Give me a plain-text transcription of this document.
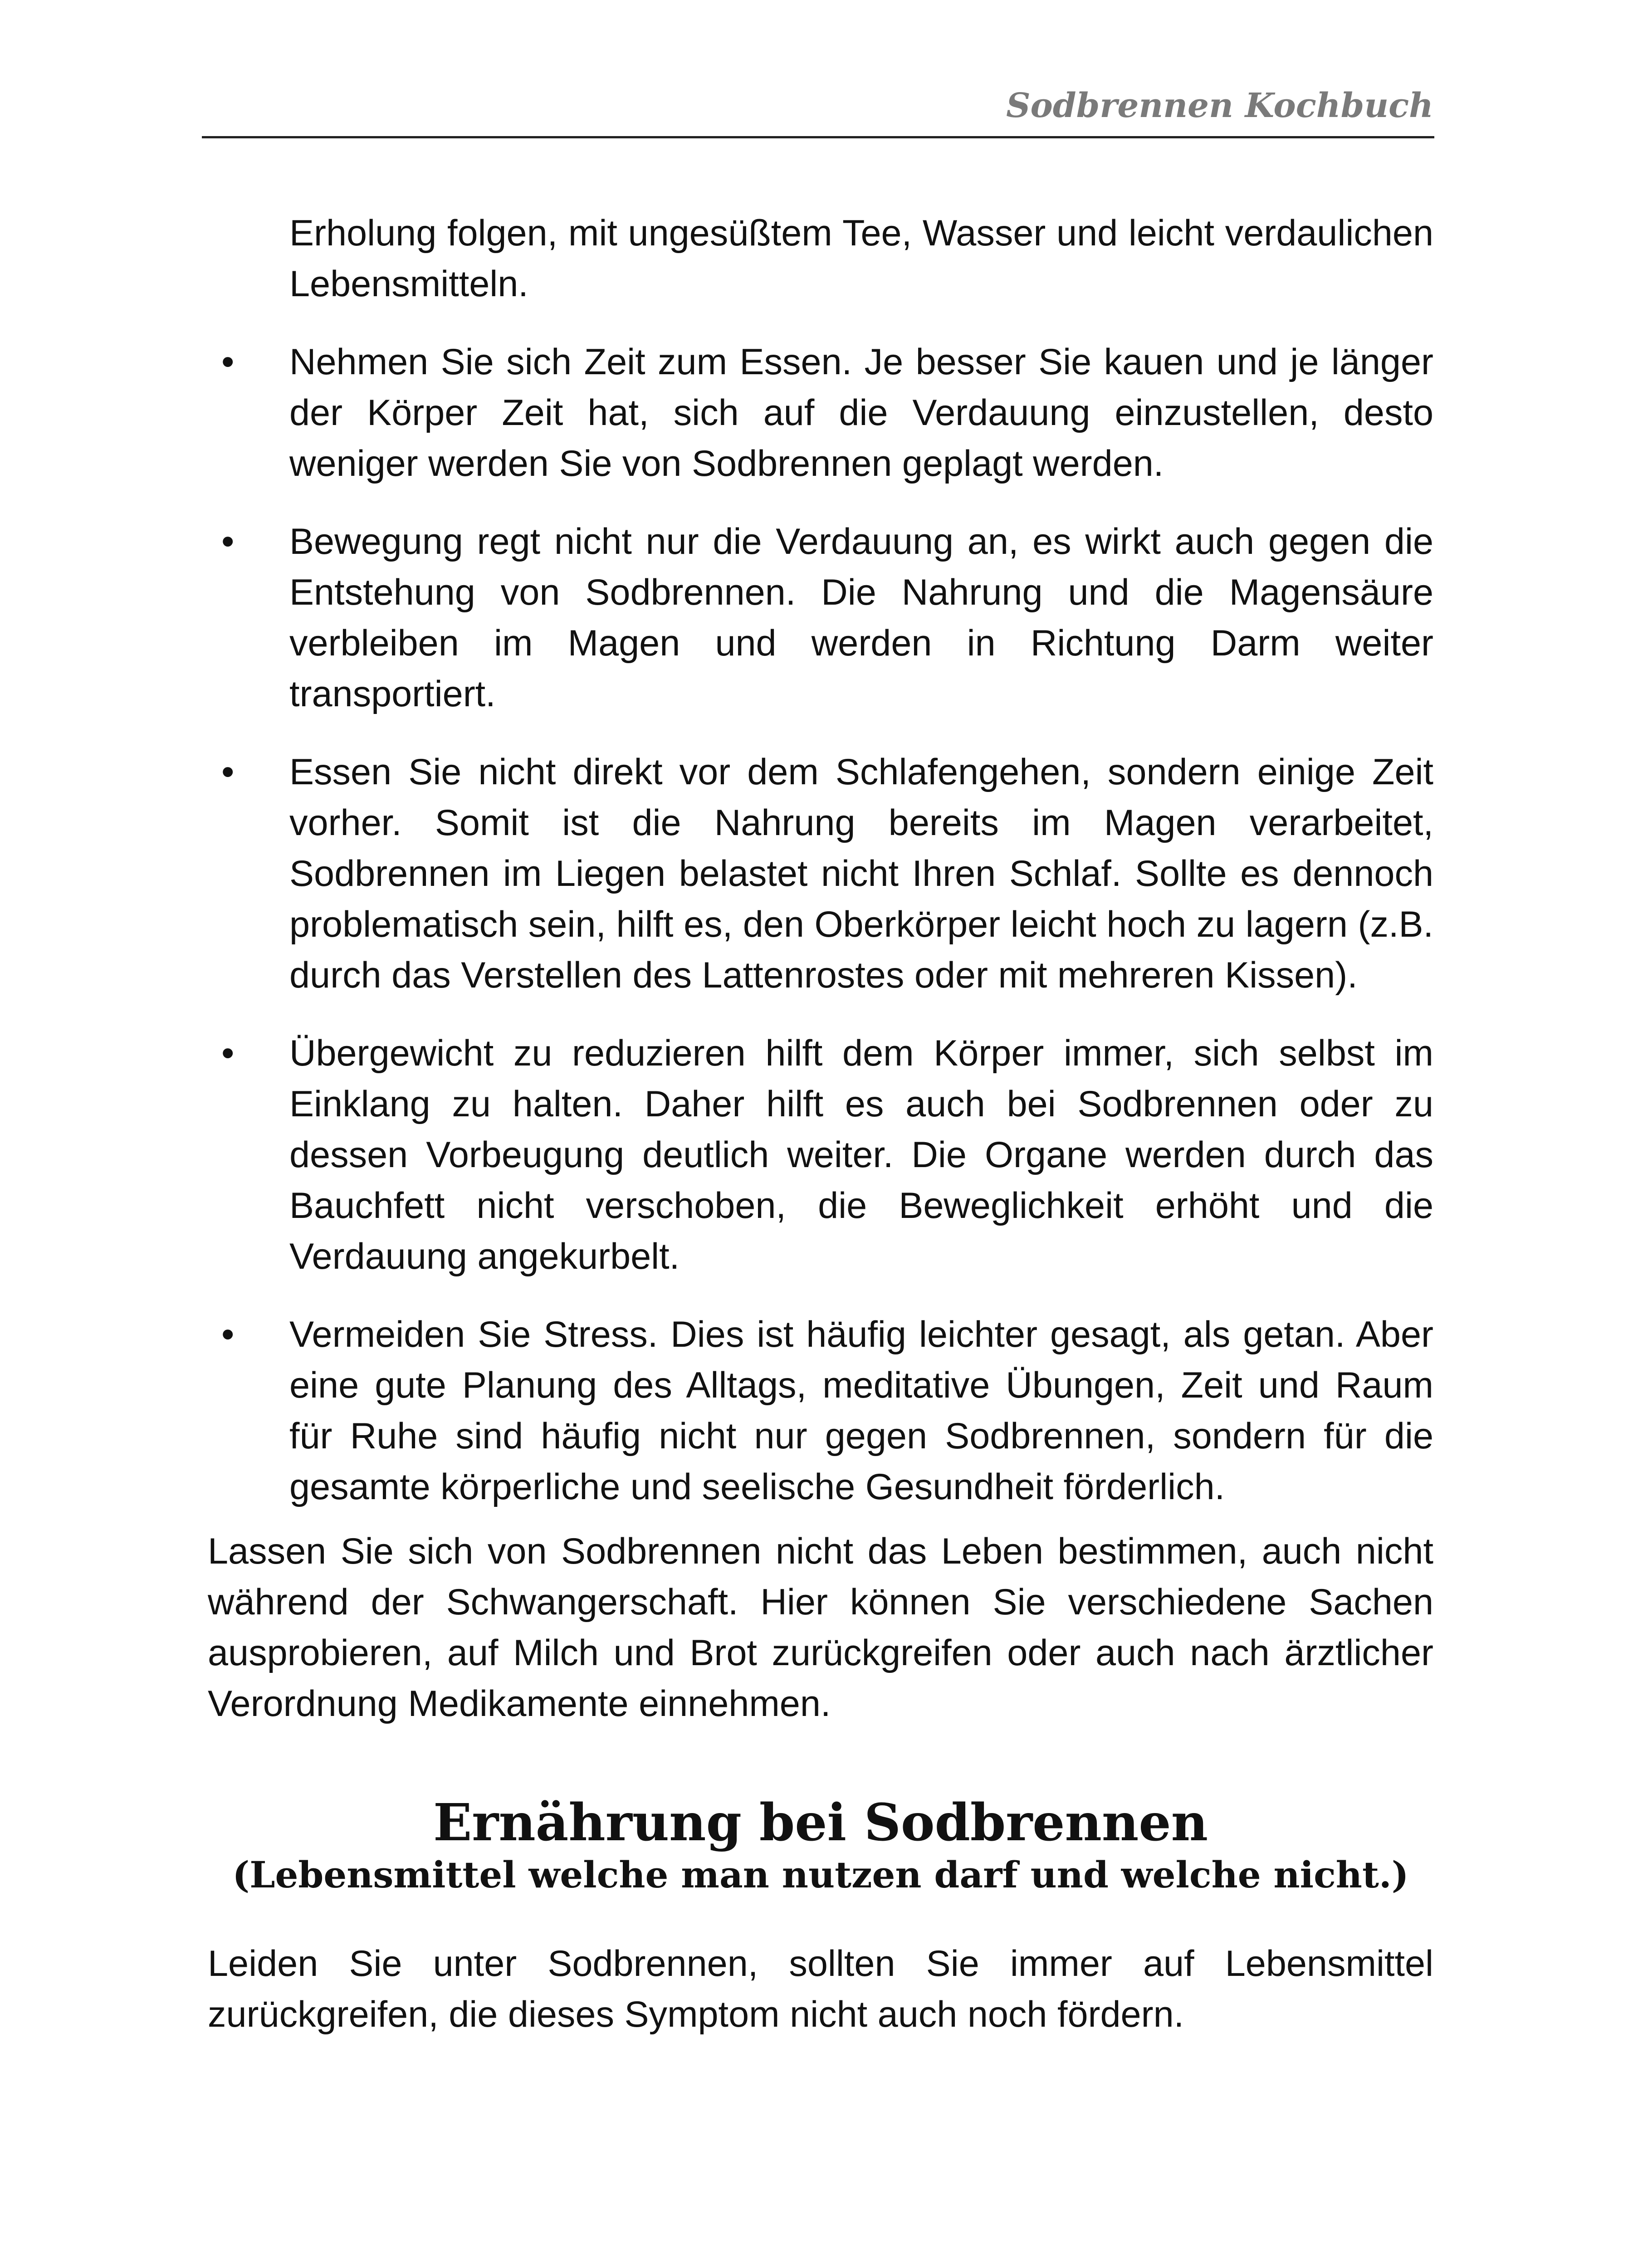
Sodbrennen Kochbuch

Erholung folgen, mit ungesüßtem Tee, Wasser und leicht verdaulichen Lebensmitteln.

• Nehmen Sie sich Zeit zum Essen. Je besser Sie kauen und je länger der Körper Zeit hat, sich auf die Verdauung einzustellen, desto weniger werden Sie von Sodbrennen geplagt werden.
• Bewegung regt nicht nur die Verdauung an, es wirkt auch gegen die Entstehung von Sodbrennen. Die Nahrung und die Magensäure verbleiben im Magen und werden in Richtung Darm weiter transportiert.
• Essen Sie nicht direkt vor dem Schlafengehen, sondern einige Zeit vorher. Somit ist die Nahrung bereits im Magen verarbeitet, Sodbrennen im Liegen belastet nicht Ihren Schlaf. Sollte es dennoch problematisch sein, hilft es, den Oberkörper leicht hoch zu lagern (z.B. durch das Verstellen des Lattenrostes oder mit mehreren Kissen).
• Übergewicht zu reduzieren hilft dem Körper immer, sich selbst im Einklang zu halten. Daher hilft es auch bei Sodbrennen oder zu dessen Vorbeugung deutlich weiter. Die Organe werden durch das Bauchfett nicht verschoben, die Beweglichkeit erhöht und die Verdauung angekurbelt.
• Vermeiden Sie Stress. Dies ist häufig leichter gesagt, als getan. Aber eine gute Planung des Alltags, meditative Übungen, Zeit und Raum für Ruhe sind häufig nicht nur gegen Sodbrennen, sondern für die gesamte körperliche und seelische Gesundheit förderlich.

Lassen Sie sich von Sodbrennen nicht das Leben bestimmen, auch nicht während der Schwangerschaft. Hier können Sie verschiedene Sachen ausprobieren, auf Milch und Brot zurückgreifen oder auch nach ärztlicher Verordnung Medikamente einnehmen.

Ernährung bei Sodbrennen

(Lebensmittel welche man nutzen darf und welche nicht.)

Leiden Sie unter Sodbrennen, sollten Sie immer auf Lebensmittel zurückgreifen, die dieses Symptom nicht auch noch fördern.
